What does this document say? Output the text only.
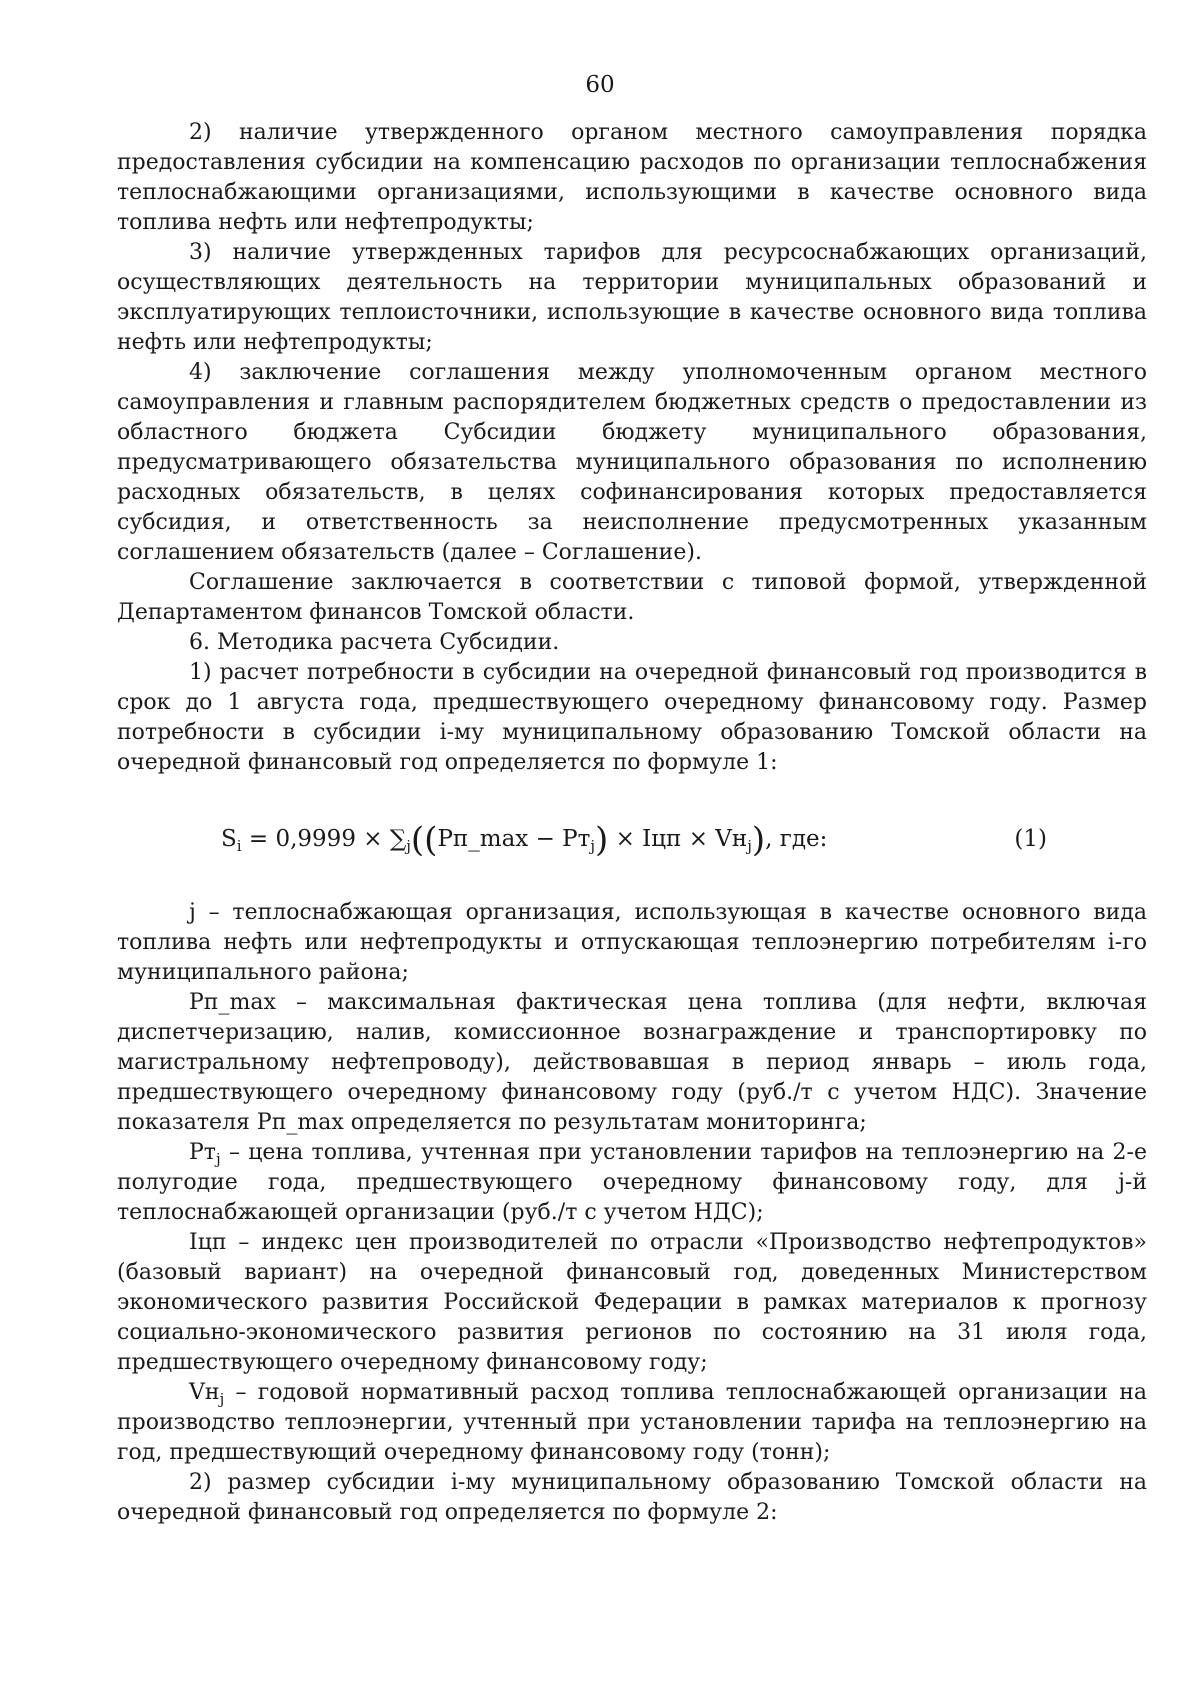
60

2) наличие утвержденного органом местного самоуправления порядка предоставления субсидии на компенсацию расходов по организации теплоснабжения теплоснабжающими организациями, использующими в качестве основного вида топлива нефть или нефтепродукты;

3) наличие утвержденных тарифов для ресурсоснабжающих организаций, осуществляющих деятельность на территории муниципальных образований и эксплуатирующих теплоисточники, использующие в качестве основного вида топлива нефть или нефтепродукты;

4) заключение соглашения между уполномоченным органом местного самоуправления и главным распорядителем бюджетных средств о предоставлении из областного бюджета Субсидии бюджету муниципального образования, предусматривающего обязательства муниципального образования по исполнению расходных обязательств, в целях софинансирования которых предоставляется субсидия, и ответственность за неисполнение предусмотренных указанным соглашением обязательств (далее – Соглашение).

Соглашение заключается в соответствии с типовой формой, утвержденной Департаментом финансов Томской области.

6. Методика расчета Субсидии.

1) расчет потребности в субсидии на очередной финансовый год производится в срок до 1 августа года, предшествующего очередному финансовому году. Размер потребности в субсидии i-му муниципальному образованию Томской области на очередной финансовый год определяется по формуле 1:

$S_i = 0,9999$ × $\sum_j((Pп\_\max - Pт_j)$ × Iцп × $Vн_j$), где:	(1)

j – теплоснабжающая организация, использующая в качестве основного вида топлива нефть или нефтепродукты и отпускающая теплоэнергию потребителям i-го муниципального района;

Pп_max – максимальная фактическая цена топлива (для нефти, включая диспетчеризацию, налив, комиссионное вознаграждение и транспортировку по магистральному нефтепроводу), действовавшая в период январь – июль года, предшествующего очередному финансовому году (руб./т с учетом НДС). Значение показателя Pп_max определяется по результатам мониторинга;

$Pт_j$ – цена топлива, учтенная при установлении тарифов на теплоэнергию на 2-е полугодие года, предшествующего очередному финансовому году, для j-й теплоснабжающей организации (руб./т с учетом НДС);

Iцп – индекс цен производителей по отрасли «Производство нефтепродуктов» (базовый вариант) на очередной финансовый год, доведенных Министерством экономического развития Российской Федерации в рамках материалов к прогнозу социально-экономического развития регионов по состоянию на 31 июля года, предшествующего очередному финансовому году;

$Vн_j$ – годовой нормативный расход топлива теплоснабжающей организации на производство теплоэнергии, учтенный при установлении тарифа на теплоэнергию на год, предшествующий очередному финансовому году (тонн);

2) размер субсидии i-му муниципальному образованию Томской области на очередной финансовый год определяется по формуле 2:
